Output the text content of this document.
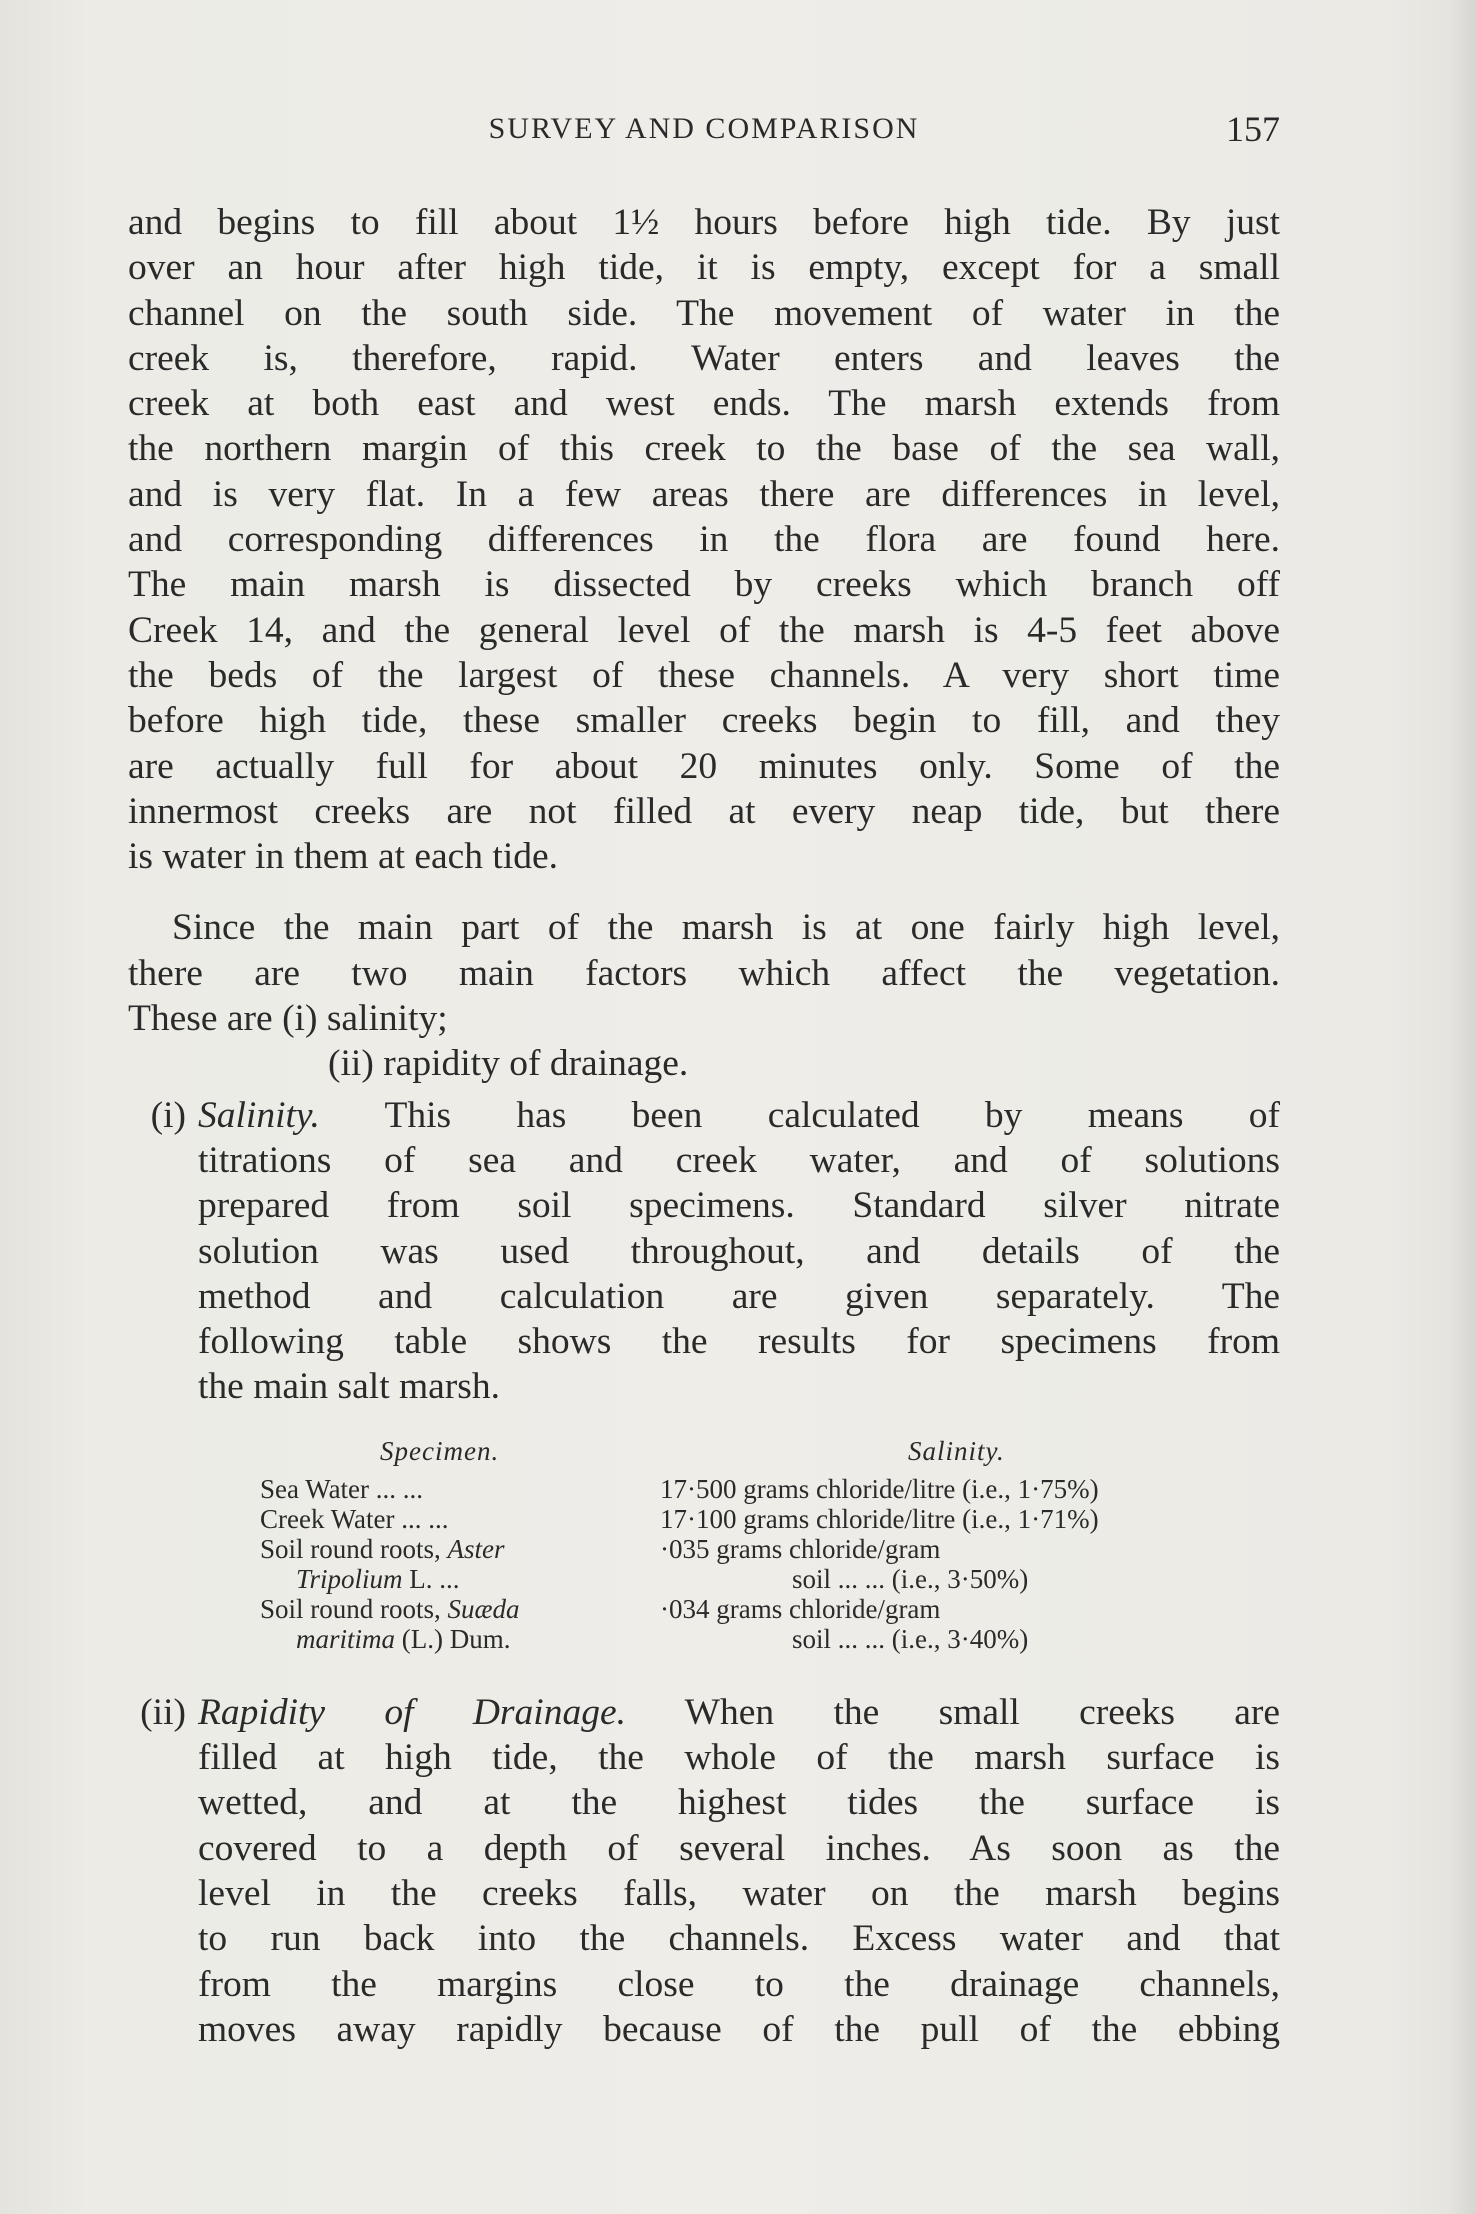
SURVEY AND COMPARISON	157
and begins to fill about 1½ hours before high tide. By just
over an hour after high tide, it is empty, except for a small
channel on the south side. The movement of water in the
creek is, therefore, rapid. Water enters and leaves the
creek at both east and west ends. The marsh extends from
the northern margin of this creek to the base of the sea wall,
and is very flat. In a few areas there are differences in level,
and corresponding differences in the flora are found here.
The main marsh is dissected by creeks which branch off
Creek 14, and the general level of the marsh is 4-5 feet above
the beds of the largest of these channels. A very short time
before high tide, these smaller creeks begin to fill, and they
are actually full for about 20 minutes only. Some of the
innermost creeks are not filled at every neap tide, but there
is water in them at each tide.
Since the main part of the marsh is at one fairly high level,
there are two main factors which affect the vegetation.
These are (i) salinity;
(ii) rapidity of drainage.
(i) Salinity. This has been calculated by means of
titrations of sea and creek water, and of solutions
prepared from soil specimens. Standard silver nitrate
solution was used throughout, and details of the
method and calculation are given separately. The
following table shows the results for specimens from
the main salt marsh.
Specimen.	Salinity.
Sea Water ... ...	17·500 grams chloride/litre (i.e., 1·75%)
Creek Water ... ...	17·100 grams chloride/litre (i.e., 1·71%)
Soil round roots, Aster	·035 grams chloride/gram
Tripolium L. ...	soil ... ... (i.e., 3·50%)
Soil round roots, Suæda	·034 grams chloride/gram
maritima (L.) Dum.	soil ... ... (i.e., 3·40%)
(ii) Rapidity of Drainage. When the small creeks are
filled at high tide, the whole of the marsh surface is
wetted, and at the highest tides the surface is
covered to a depth of several inches. As soon as the
level in the creeks falls, water on the marsh begins
to run back into the channels. Excess water and that
from the margins close to the drainage channels,
moves away rapidly because of the pull of the ebbing
